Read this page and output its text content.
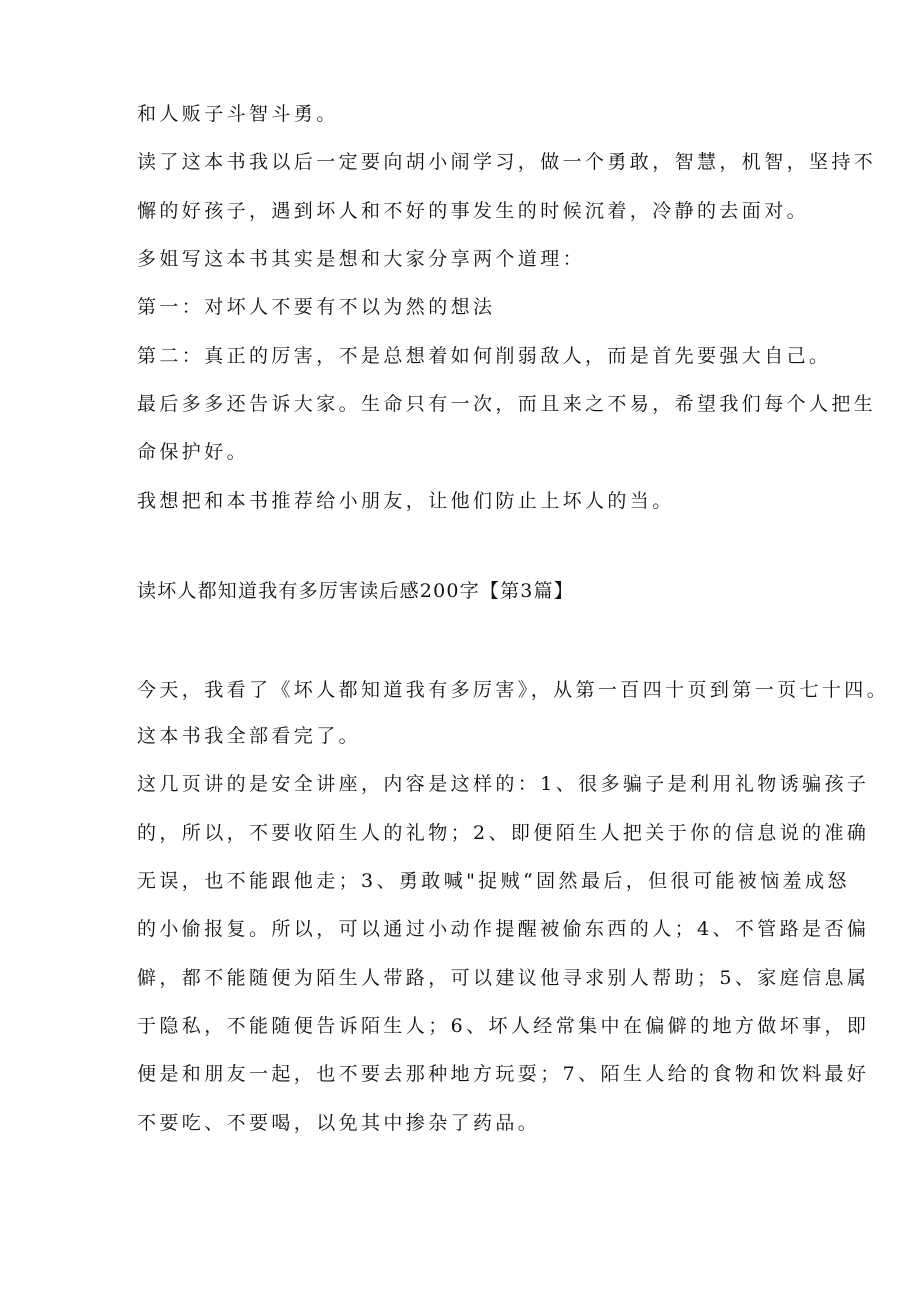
和人贩子斗智斗勇。
读了这本书我以后一定要向胡小闹学习，做一个勇敢，智慧，机智，坚持不
懈的好孩子，遇到坏人和不好的事发生的时候沉着，冷静的去面对。
多姐写这本书其实是想和大家分享两个道理：
第一：对坏人不要有不以为然的想法
第二：真正的厉害，不是总想着如何削弱敌人，而是首先要强大自己。
最后多多还告诉大家。生命只有一次，而且来之不易，希望我们每个人把生
命保护好。
我想把和本书推荐给小朋友，让他们防止上坏人的当。
读坏人都知道我有多厉害读后感200字【第3篇】
今天，我看了《坏人都知道我有多厉害》，从第一百四十页到第一页七十四。
这本书我全部看完了。
这几页讲的是安全讲座，内容是这样的：1、很多骗子是利用礼物诱骗孩子
的，所以，不要收陌生人的礼物；2、即便陌生人把关于你的信息说的准确
无误，也不能跟他走；3、勇敢喊"捉贼“固然最后，但很可能被恼羞成怒
的小偷报复。所以，可以通过小动作提醒被偷东西的人；4、不管路是否偏
僻，都不能随便为陌生人带路，可以建议他寻求别人帮助；5、家庭信息属
于隐私，不能随便告诉陌生人；6、坏人经常集中在偏僻的地方做坏事，即
便是和朋友一起，也不要去那种地方玩耍；7、陌生人给的食物和饮料最好
不要吃、不要喝，以免其中掺杂了药品。
